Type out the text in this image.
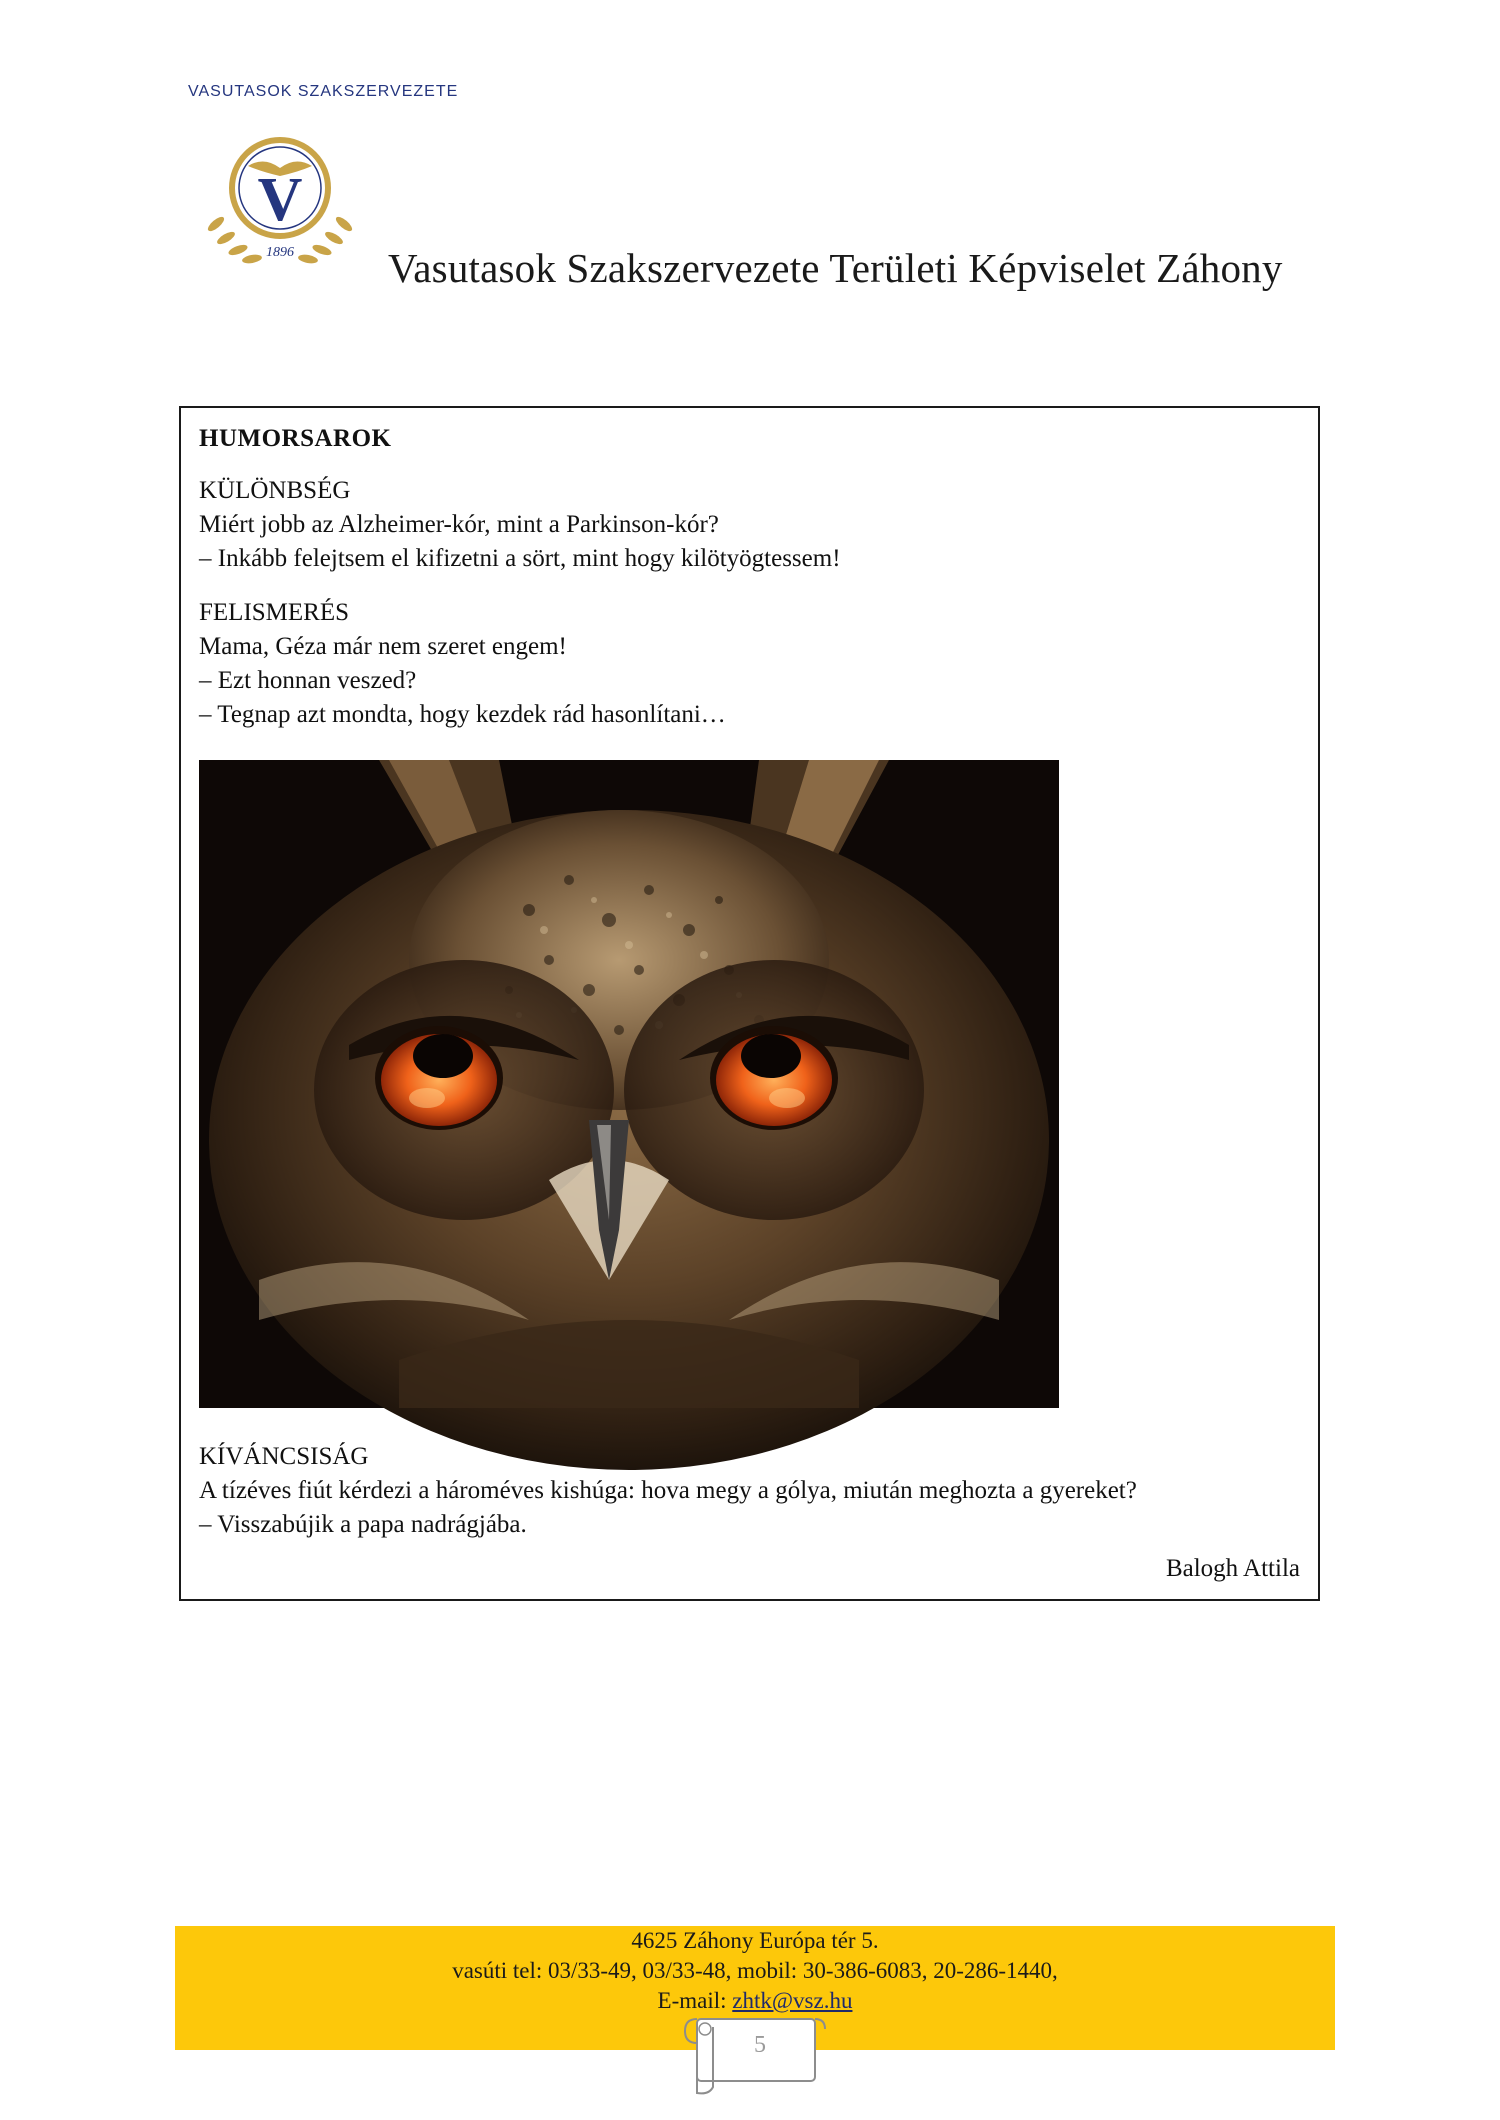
VASUTASOK SZAKSZERVEZETE
V
1896 Vasutasok Szakszervezete Területi Képviselet Záhony
HUMORSAROK
KÜLÖNBSÉG
Miért jobb az Alzheimer-kór, mint a Parkinson-kór?
– Inkább felejtsem el kifizetni a sört, mint hogy kilötyögtessem!
FELISMERÉS
Mama, Géza már nem szeret engem!
– Ezt honnan veszed?
– Tegnap azt mondta, hogy kezdek rád hasonlítani…
KÍVÁNCSISÁG
A tízéves fiút kérdezi a hároméves kishúga: hova megy a gólya, miután meghozta a gyereket?
– Visszabújik a papa nadrágjába.
Balogh Attila
4625 Záhony Európa tér 5.
vasúti tel: 03/33-49, 03/33-48, mobil: 30-386-6083, 20-286-1440,
E-mail: zhtk@vsz.hu
5
